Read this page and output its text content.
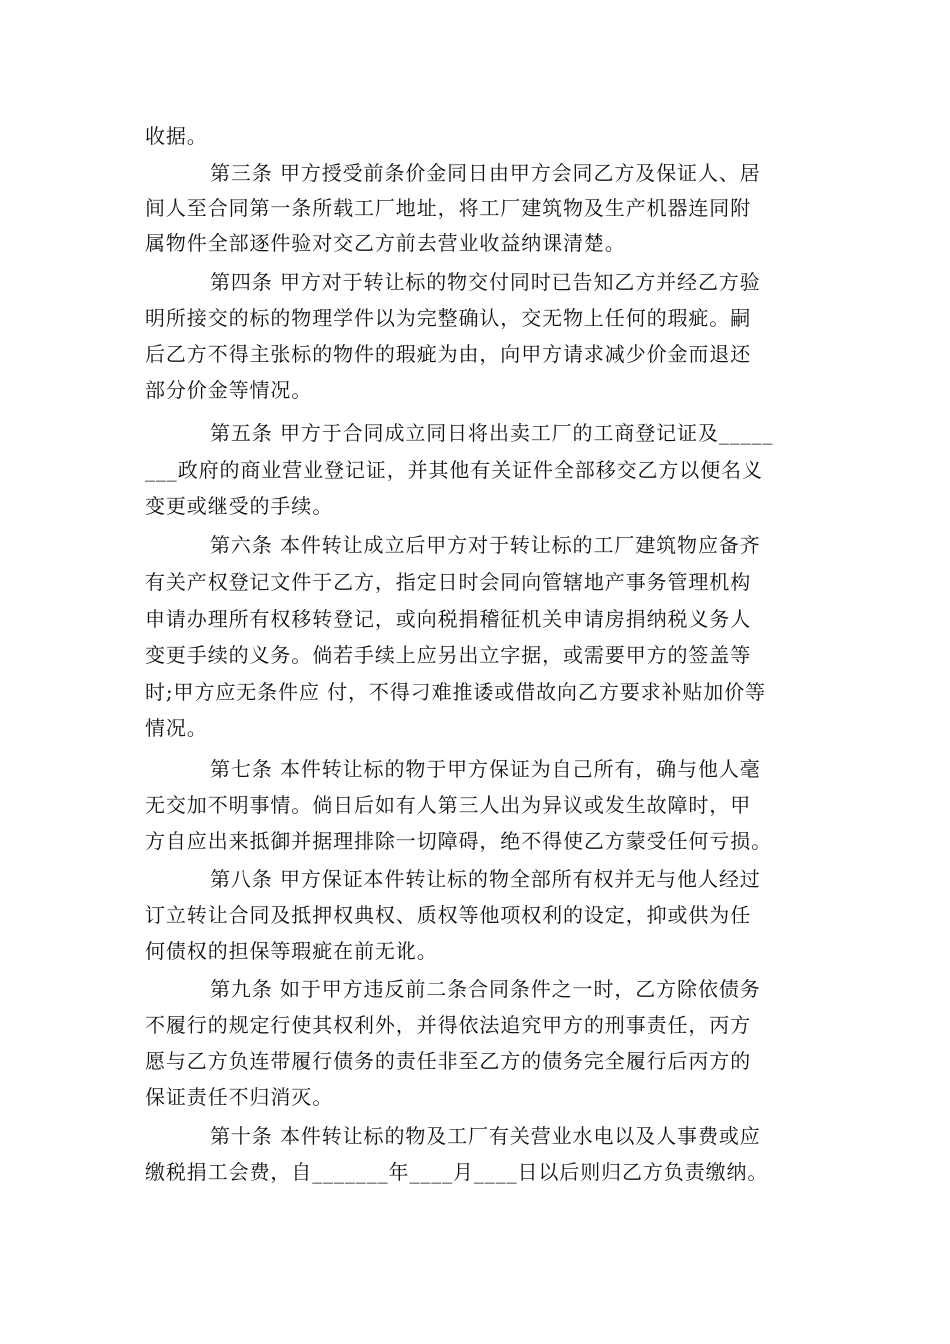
收据。
第三条 甲方授受前条价金同日由甲方会同乙方及保证人、居
间人至合同第一条所载工厂地址，将工厂建筑物及生产机器连同附
属物件全部逐件验对交乙方前去营业收益纳课清楚。
第四条 甲方对于转让标的物交付同时已告知乙方并经乙方验
明所接交的标的物理学件以为完整确认，交无物上任何的瑕疵。嗣
后乙方不得主张标的物件的瑕疵为由，向甲方请求减少价金而退还
部分价金等情况。
第五条 甲方于合同成立同日将出卖工厂的工商登记证及_____
___政府的商业营业登记证，并其他有关证件全部移交乙方以便名义
变更或继受的手续。
第六条 本件转让成立后甲方对于转让标的工厂建筑物应备齐
有关产权登记文件于乙方，指定日时会同向管辖地产事务管理机构
申请办理所有权移转登记，或向税捐稽征机关申请房捐纳税义务人
变更手续的义务。倘若手续上应另出立字据，或需要甲方的签盖等
时;甲方应无条件应 付，不得刁难推诿或借故向乙方要求补贴加价等
情况。
第七条 本件转让标的物于甲方保证为自己所有，确与他人毫
无交加不明事情。倘日后如有人第三人出为异议或发生故障时，甲
方自应出来抵御并据理排除一切障碍，绝不得使乙方蒙受任何亏损。
第八条 甲方保证本件转让标的物全部所有权并无与他人经过
订立转让合同及抵押权典权、质权等他项权利的设定，抑或供为任
何债权的担保等瑕疵在前无讹。
第九条 如于甲方违反前二条合同条件之一时，乙方除依债务
不履行的规定行使其权利外，并得依法追究甲方的刑事责任，丙方
愿与乙方负连带履行债务的责任非至乙方的债务完全履行后丙方的
保证责任不归消灭。
第十条 本件转让标的物及工厂有关营业水电以及人事费或应
缴税捐工会费，自_______年____月____日以后则归乙方负责缴纳。
